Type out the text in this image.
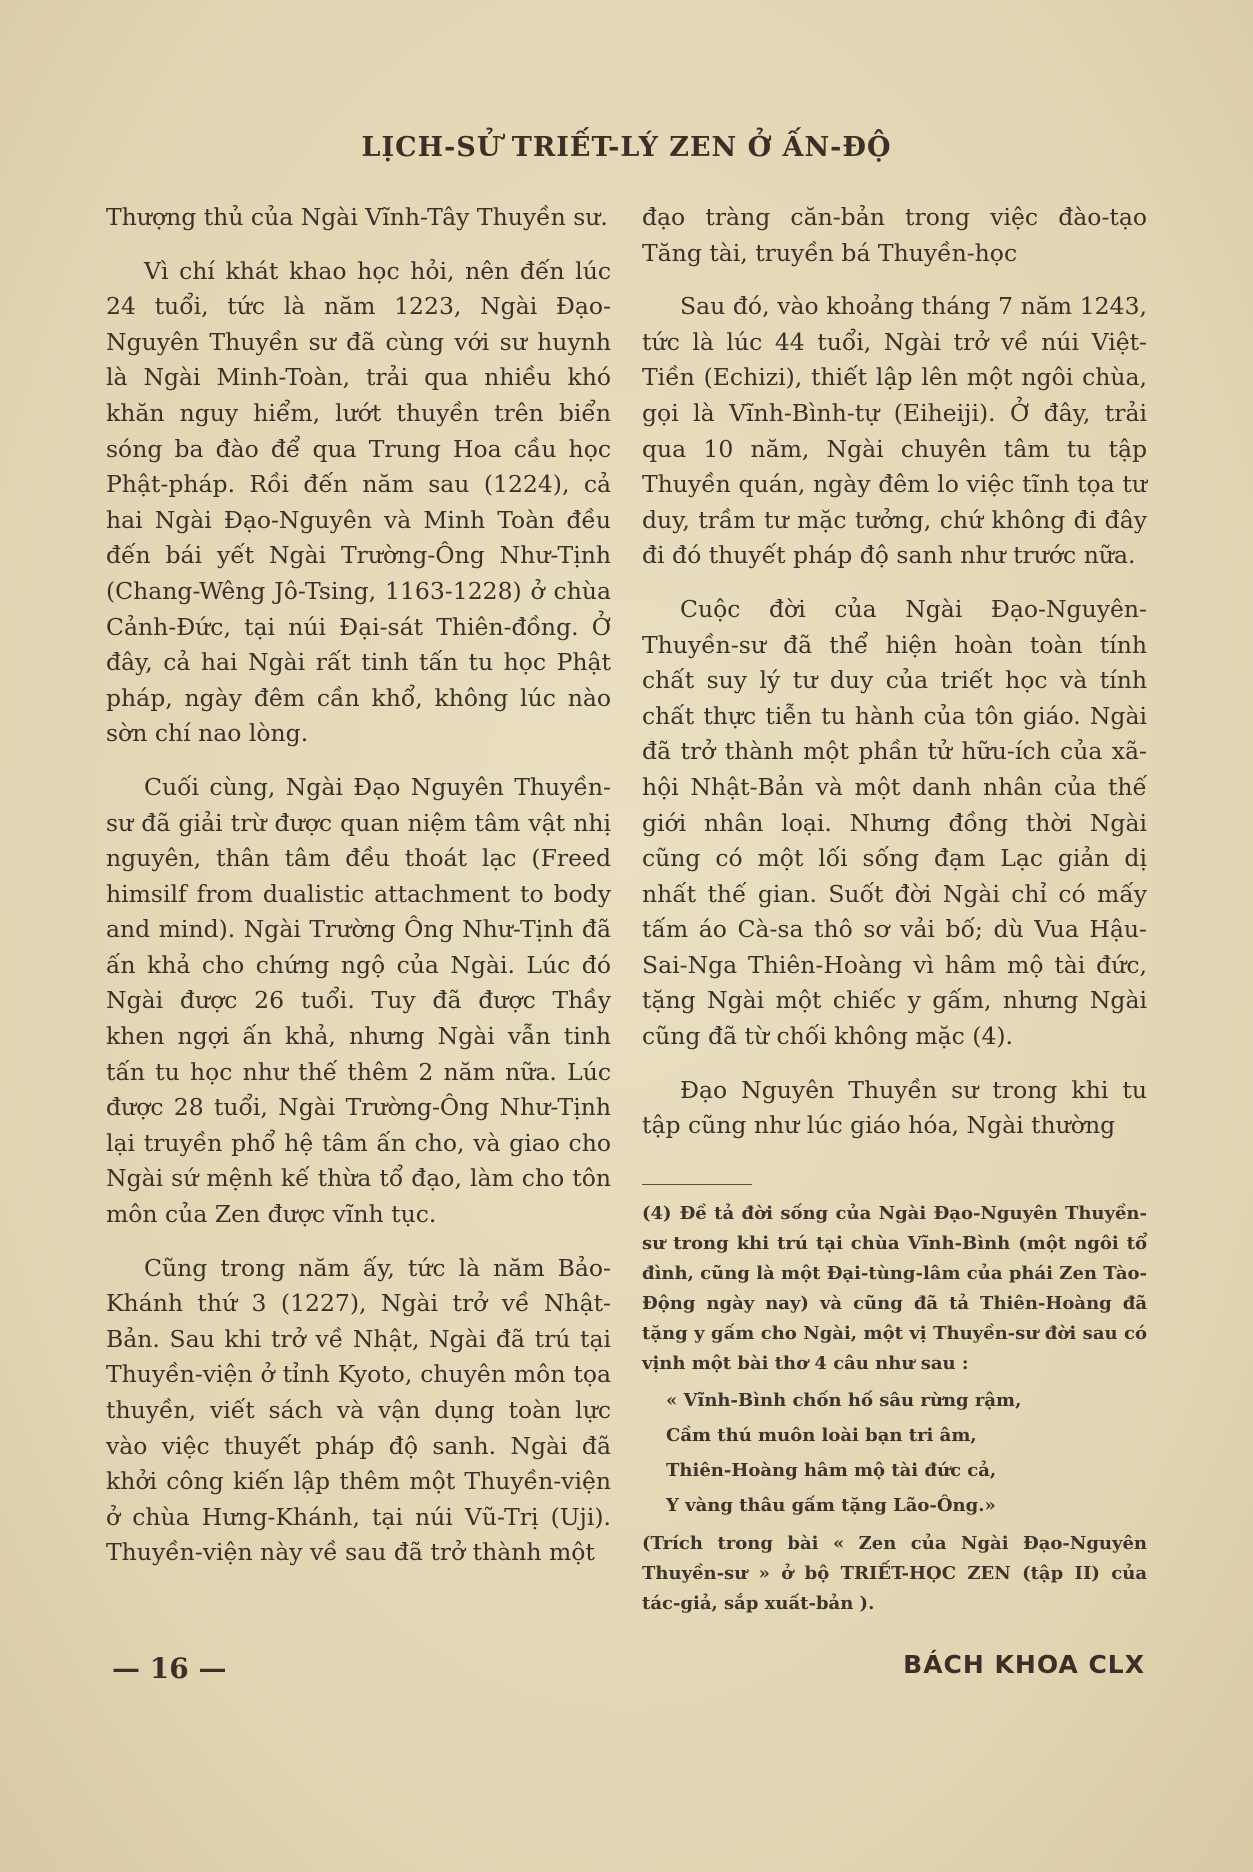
LỊCH-SỬ TRIẾT-LÝ ZEN Ở ẤN-ĐỘ

Thượng thủ của Ngài Vĩnh-Tây Thuyền sư.

Vì chí khát khao học hỏi, nên đến lúc 24 tuổi, tức là năm 1223, Ngài Đạo-Nguyên Thuyền sư đã cùng với sư huynh là Ngài Minh-Toàn, trải qua nhiều khó khăn nguy hiểm, lướt thuyền trên biển sóng ba đào để qua Trung Hoa cầu học Phật-pháp. Rồi đến năm sau (1224), cả hai Ngài Đạo-Nguyên và Minh Toàn đều đến bái yết Ngài Trường-Ông Như-Tịnh (Chang-Wêng Jô-Tsing, 1163-1228) ở chùa Cảnh-Đức, tại núi Đại-sát Thiên-đồng. Ở đây, cả hai Ngài rất tinh tấn tu học Phật pháp, ngày đêm cần khổ, không lúc nào sờn chí nao lòng.

Cuối cùng, Ngài Đạo Nguyên Thuyền-sư đã giải trừ được quan niệm tâm vật nhị nguyên, thân tâm đều thoát lạc (Freed himsilf from dualistic attachment to body and mind). Ngài Trường Ông Như-Tịnh đã ấn khả cho chứng ngộ của Ngài. Lúc đó Ngài được 26 tuổi. Tuy đã được Thầy khen ngợi ấn khả, nhưng Ngài vẫn tinh tấn tu học như thế thêm 2 năm nữa. Lúc được 28 tuổi, Ngài Trường-Ông Như-Tịnh lại truyền phổ hệ tâm ấn cho, và giao cho Ngài sứ mệnh kế thừa tổ đạo, làm cho tôn môn của Zen được vĩnh tục.

Cũng trong năm ấy, tức là năm Bảo-Khánh thứ 3 (1227), Ngài trở về Nhật-Bản. Sau khi trở về Nhật, Ngài đã trú tại Thuyền-viện ở tỉnh Kyoto, chuyên môn tọa thuyền, viết sách và vận dụng toàn lực vào việc thuyết pháp độ sanh. Ngài đã khởi công kiến lập thêm một Thuyền-viện ở chùa Hưng-Khánh, tại núi Vũ-Trị (Uji). Thuyền-viện này về sau đã trở thành một

đạo tràng căn-bản trong việc đào-tạo Tăng tài, truyền bá Thuyền-học

Sau đó, vào khoảng tháng 7 năm 1243, tức là lúc 44 tuổi, Ngài trở về núi Việt-Tiền (Echizi), thiết lập lên một ngôi chùa, gọi là Vĩnh-Bình-tự (Eiheiji). Ở đây, trải qua 10 năm, Ngài chuyên tâm tu tập Thuyền quán, ngày đêm lo việc tĩnh tọa tư duy, trầm tư mặc tưởng, chứ không đi đây đi đó thuyết pháp độ sanh như trước nữa.

Cuộc đời của Ngài Đạo-Nguyên-Thuyền-sư đã thể hiện hoàn toàn tính chất suy lý tư duy của triết học và tính chất thực tiễn tu hành của tôn giáo. Ngài đã trở thành một phần tử hữu-ích của xã-hội Nhật-Bản và một danh nhân của thế giới nhân loại. Nhưng đồng thời Ngài cũng có một lối sống đạm Lạc giản dị nhất thế gian. Suốt đời Ngài chỉ có mấy tấm áo Cà-sa thô sơ vải bố; dù Vua Hậu-Sai-Nga Thiên-Hoàng vì hâm mộ tài đức, tặng Ngài một chiếc y gấm, nhưng Ngài cũng đã từ chối không mặc (4).

Đạo Nguyên Thuyền sư trong khi tu tập cũng như lúc giáo hóa, Ngài thường

(4) Đề tả đời sống của Ngài Đạo-Nguyên Thuyền-sư trong khi trú tại chùa Vĩnh-Bình (một ngôi tổ đình, cũng là một Đại-tùng-lâm của phái Zen Tào-Động ngày nay) và cũng đã tả Thiên-Hoàng đã tặng y gấm cho Ngài, một vị Thuyền-sư đời sau có vịnh một bài thơ 4 câu như sau :

« Vĩnh-Bình chốn hố sâu rừng rậm,
Cầm thú muôn loài bạn tri âm,
Thiên-Hoàng hâm mộ tài đức cả,
Y vàng thâu gấm tặng Lão-Ông.»

(Trích trong bài « Zen của Ngài Đạo-Nguyên Thuyền-sư » ở bộ TRIẾT-HỌC ZEN (tập II) của tác-giả, sắp xuất-bản ).

— 16 —	BÁCH KHOA CLX
